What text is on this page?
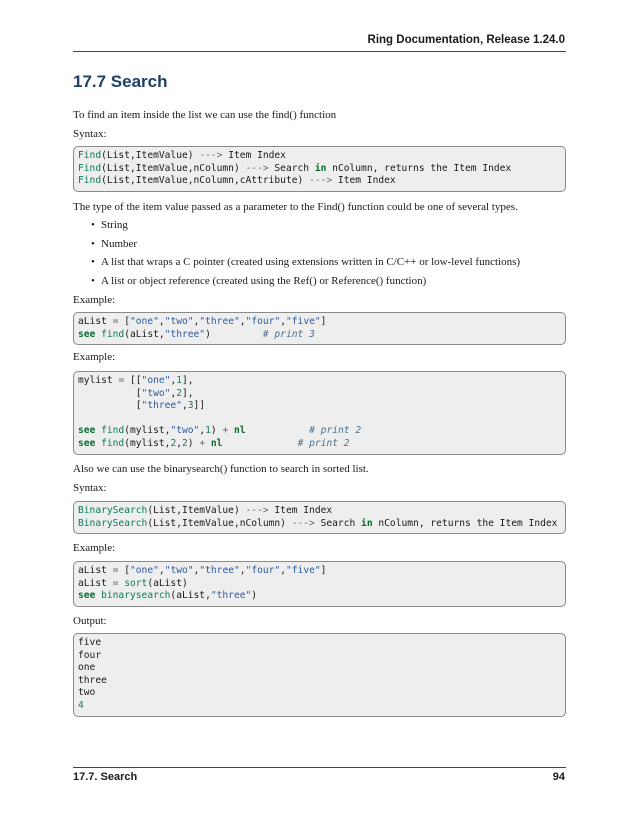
Ring Documentation, Release 1.24.0
17.7 Search

To find an item inside the list we can use the find() function

Syntax:

Find(List,ItemValue) ---> Item Index
Find(List,ItemValue,nColumn) ---> Search in nColumn, returns the Item Index
Find(List,ItemValue,nColumn,cAttribute) ---> Item Index

The type of the item value passed as a parameter to the Find() function could be one of several types.

• String
• Number
• A list that wraps a C pointer (created using extensions written in C/C++ or low-level functions)
• A list or object reference (created using the Ref() or Reference() function)

Example:

aList = ["one","two","three","four","five"]
see find(aList,"three")         # print 3

Example:

mylist = [["one",1],
["two",2],
["three",3]]

see find(mylist,"two",1) + nl	# print 2
see find(mylist,2,2) + nl	# print 2

Also we can use the binarysearch() function to search in sorted list.

Syntax:

BinarySearch(List,ItemValue) ---> Item Index
BinarySearch(List,ItemValue,nColumn) ---> Search in nColumn, returns the Item Index

Example:

aList = ["one","two","three","four","five"]
aList = sort(aList)
see binarysearch(aList,"three")

Output:

five
four
one
three
two
4
17.7. Search	94
